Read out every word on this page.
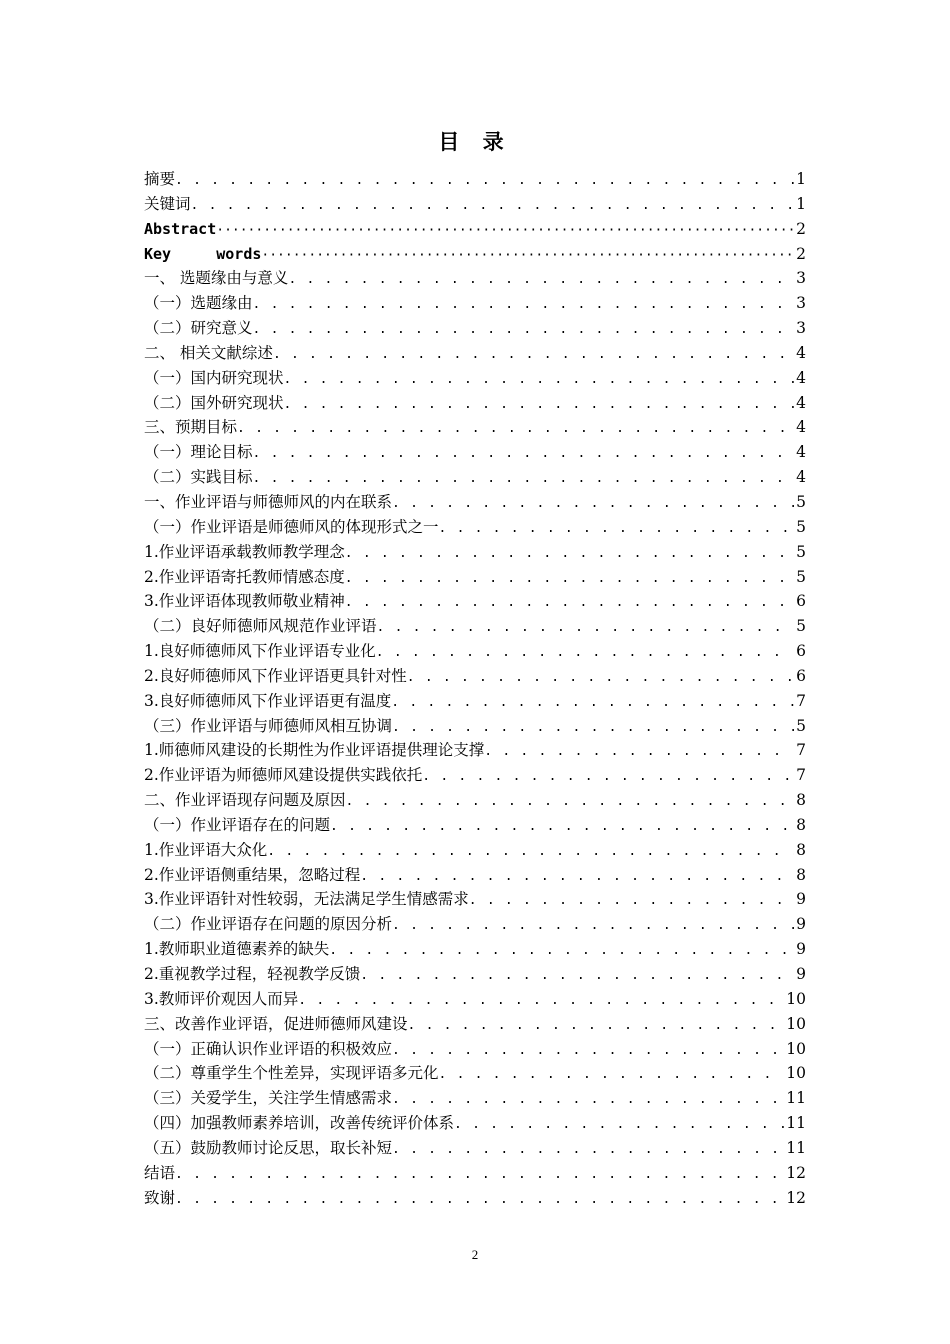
目 录
摘要 . . .	1
关键词 . . .	1
Abstract ·····	2
Key     words ·····	2
一、 选题缘由与意义 . . .	3
（一）选题缘由 . . .	3
（二）研究意义 . . .	3
二、 相关文献综述 . . .	4
（一）国内研究现状 . . .	4
（二）国外研究现状 . . .	4
三、预期目标 . . .	4
（一）理论目标 . . .	4
（二）实践目标 . . .	4
一、作业评语与师德师风的内在联系 . . .	5
（一）作业评语是师德师风的体现形式之一 . . .	5
1.作业评语承载教师教学理念 . . .	5
2.作业评语寄托教师情感态度 . . .	5
3.作业评语体现教师敬业精神 . . .	6
（二）良好师德师风规范作业评语 . . .	5
1.良好师德师风下作业评语专业化 . . .	6
2.良好师德师风下作业评语更具针对性 . . .	6
3.良好师德师风下作业评语更有温度 . . .	7
（三）作业评语与师德师风相互协调 . . .	5
1.师德师风建设的长期性为作业评语提供理论支撑 . . .	7
2.作业评语为师德师风建设提供实践依托 . . .	7
二、作业评语现存问题及原因 . . .	8
（一）作业评语存在的问题 . . .	8
1.作业评语大众化 . . .	8
2.作业评语侧重结果，忽略过程 . . .	8
3.作业评语针对性较弱，无法满足学生情感需求 . . .	9
（二）作业评语存在问题的原因分析 . . .	9
1.教师职业道德素养的缺失 . . .	9
2.重视教学过程，轻视教学反馈 . . .	9
3.教师评价观因人而异 . . .	10
三、改善作业评语，促进师德师风建设 . . .	10
（一）正确认识作业评语的积极效应 . . .	10
（二）尊重学生个性差异，实现评语多元化 . . .	10
（三）关爱学生，关注学生情感需求 . . .	11
（四）加强教师素养培训，改善传统评价体系 . . .	11
（五）鼓励教师讨论反思，取长补短 . . .	11
结语 . . .	12
致谢 . . .	12
2
